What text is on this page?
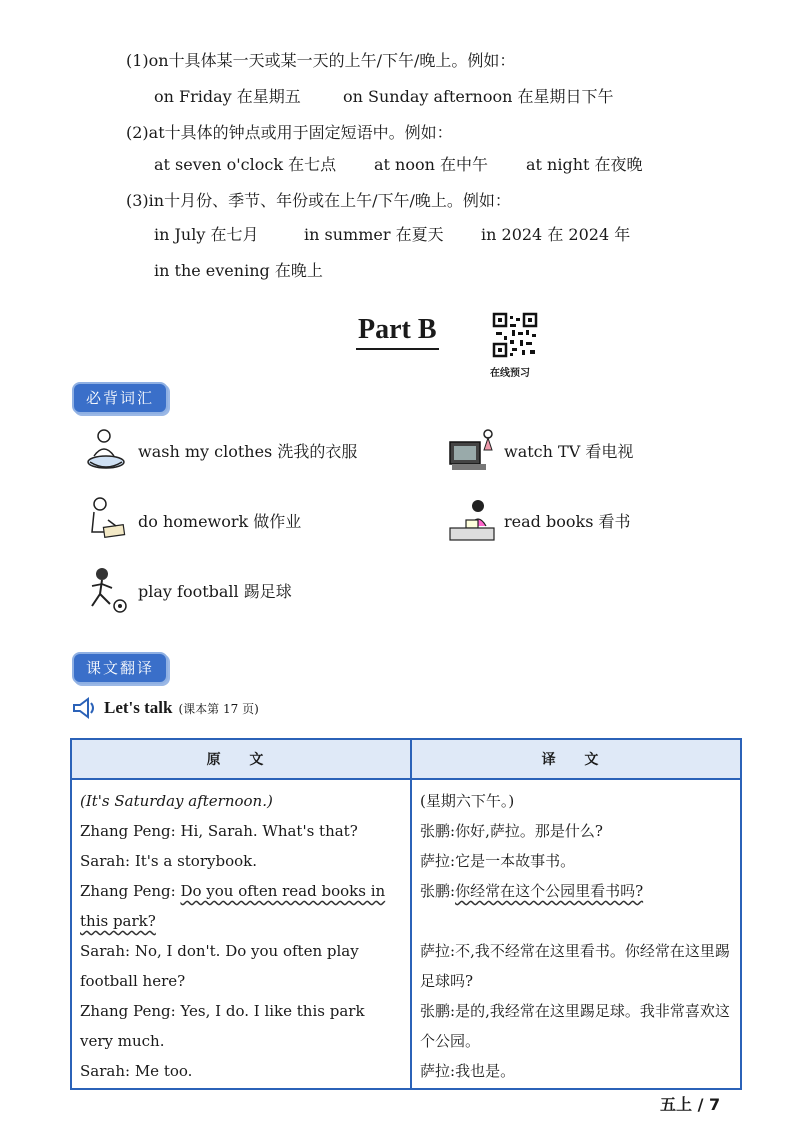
(1)on十具体某一天或某一天的上午/下午/晚上。例如：
on Friday 在星期五	on Sunday afternoon 在星期日下午
(2)at十具体的钟点或用于固定短语中。例如：
at seven o'clock 在七点 at noon 在中午 at night 在夜晚
(3)in十月份、季节、年份或在上午/下午/晚上。例如：
in July 在七月	in summer 在夏天 in 2024 在 2024 年
in the evening 在晚上
Part B
在线预习
必背词汇
wash my clothes 洗我的衣服	watch TV 看电视
do homework 做作业	read books 看书
play football 踢足球
课文翻译
Let's talk (课本第 17 页)
原 文	译 文
(It's Saturday afternoon.)	(星期六下午。)
Zhang Peng: Hi, Sarah. What's that?	张鹏:你好,萨拉。那是什么?
Sarah: It's a storybook.	萨拉:它是一本故事书。
Zhang Peng: Do you often read books in this park?	张鹏:你经常在这个公园里看书吗?
Sarah: No, I don't. Do you often play football here?	萨拉:不,我不经常在这里看书。你经常在这里踢足球吗?
Zhang Peng: Yes, I do. I like this park very much.	张鹏:是的,我经常在这里踢足球。我非常喜欢这个公园。
Sarah: Me too.	萨拉:我也是。
五上 / 7
